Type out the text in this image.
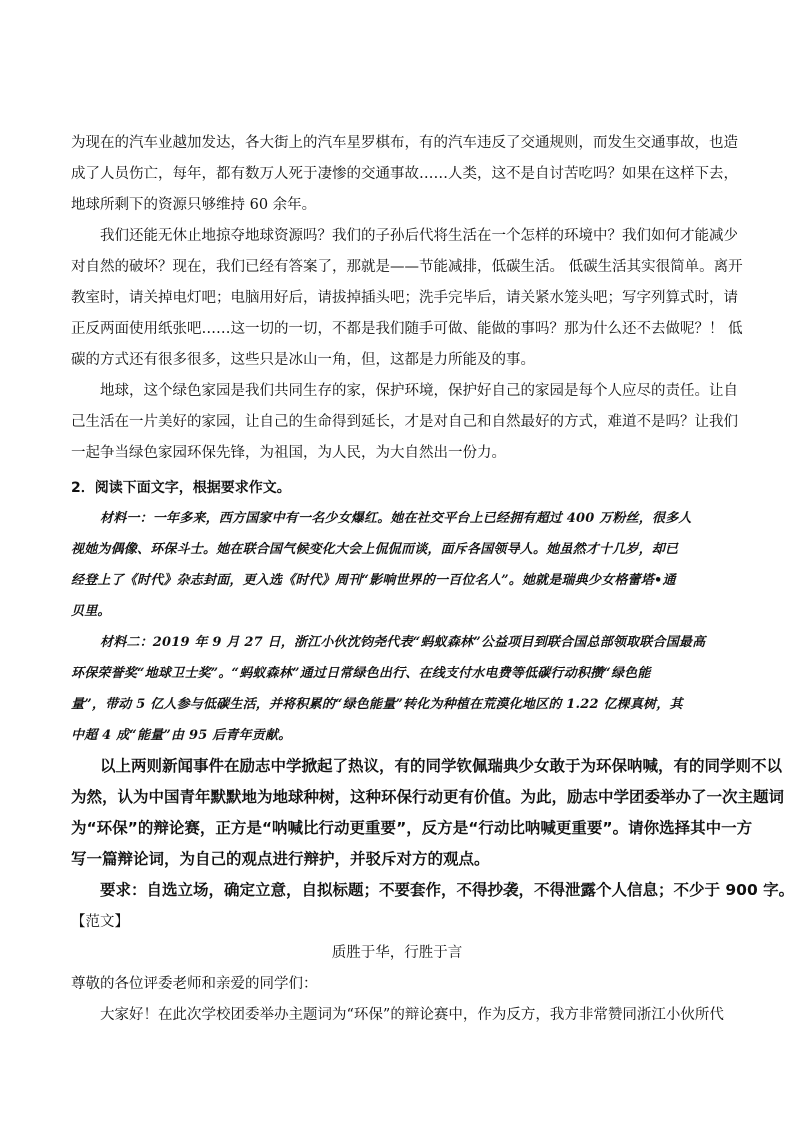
为现在的汽车业越加发达，各大街上的汽车星罗棋布，有的汽车违反了交通规则，而发生交通事故，也造
成了人员伤亡，每年，都有数万人死于凄惨的交通事故……人类，这不是自讨苦吃吗？如果在这样下去，
地球所剩下的资源只够维持 60 余年。
我们还能无休止地掠夺地球资源吗？我们的子孙后代将生活在一个怎样的环境中？我们如何才能减少
对自然的破坏？现在，我们已经有答案了，那就是——节能减排，低碳生活。 低碳生活其实很简单。离开
教室时，请关掉电灯吧；电脑用好后，请拔掉插头吧；洗手完毕后，请关紧水笼头吧；写字列算式时，请
正反两面使用纸张吧……这一切的一切，不都是我们随手可做、能做的事吗？那为什么还不去做呢？！ 低
碳的方式还有很多很多，这些只是冰山一角，但，这都是力所能及的事。
地球，这个绿色家园是我们共同生存的家，保护环境，保护好自己的家园是每个人应尽的责任。让自
己生活在一片美好的家园，让自己的生命得到延长，才是对自己和自然最好的方式，难道不是吗？让我们
一起争当绿色家园环保先锋，为祖国，为人民，为大自然出一份力。
2．阅读下面文字，根据要求作文。
材料一：一年多来，西方国家中有一名少女爆红。她在社交平台上已经拥有超过 400 万粉丝，很多人
视她为偶像、环保斗士。她在联合国气候变化大会上侃侃而谈，面斥各国领导人。她虽然才十几岁，却已
经登上了《时代》杂志封面，更入选《时代》周刊“影响世界的一百位名人”。她就是瑞典少女格蕾塔•通
贝里。
材料二：2019 年 9 月 27 日，浙江小伙沈钧尧代表“蚂蚁森林”公益项目到联合国总部领取联合国最高
环保荣誉奖“地球卫士奖”。“蚂蚁森林”通过日常绿色出行、在线支付水电费等低碳行动积攒“绿色能
量”，带动 5 亿人参与低碳生活，并将积累的“绿色能量”转化为种植在荒漠化地区的 1.22 亿棵真树，其
中超 4 成“能量”由 95 后青年贡献。
以上两则新闻事件在励志中学掀起了热议，有的同学钦佩瑞典少女敢于为环保呐喊，有的同学则不以
为然，认为中国青年默默地为地球种树，这种环保行动更有价值。为此，励志中学团委举办了一次主题词
为“环保”的辩论赛，正方是“呐喊比行动更重要”，反方是“行动比呐喊更重要”。请你选择其中一方
写一篇辩论词，为自己的观点进行辩护，并驳斥对方的观点。
要求：自选立场，确定立意，自拟标题；不要套作，不得抄袭，不得泄露个人信息；不少于 900 字。
【范文】
质胜于华，行胜于言
尊敬的各位评委老师和亲爱的同学们：
大家好！在此次学校团委举办主题词为“环保”的辩论赛中，作为反方，我方非常赞同浙江小伙所代
